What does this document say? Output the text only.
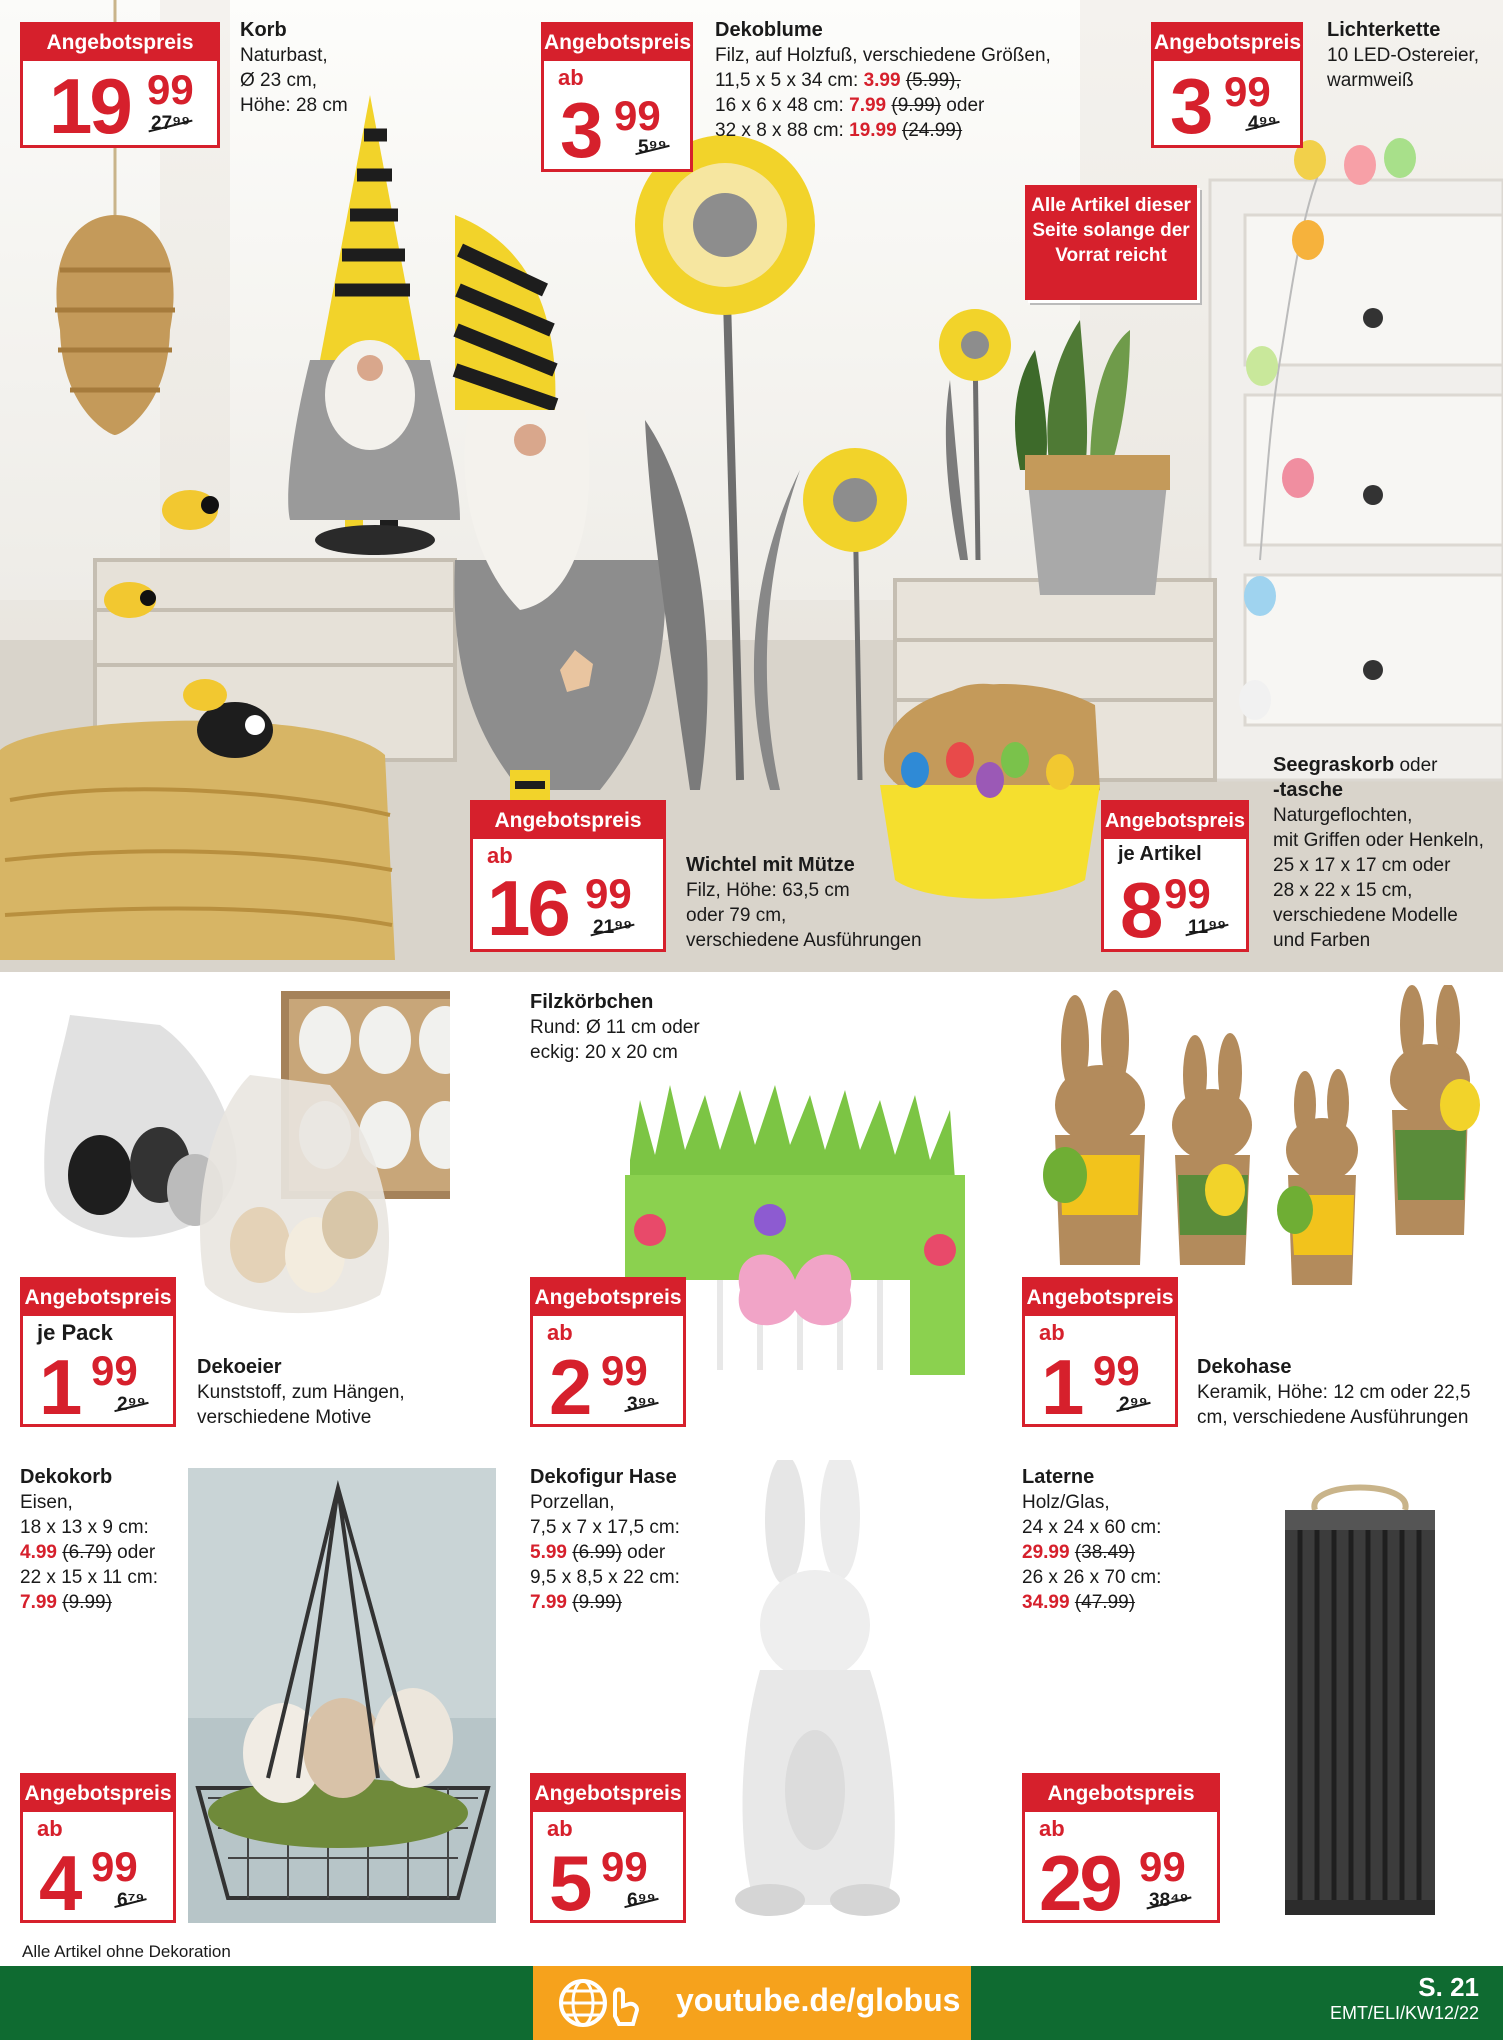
Alle Artikel dieser Seite solange der Vorrat reicht
Angebotspreis
19 99
27⁹⁹
Korb
Naturbast,
Ø 23 cm,
Höhe: 28 cm
Angebotspreis
ab
3 99
5⁹⁹
Dekoblume
Filz, auf Holzfuß, verschiedene Größen,
11,5 x 5 x 34 cm: 3.99 (5.99),
16 x 6 x 48 cm: 7.99 (9.99) oder
32 x 8 x 88 cm: 19.99 (24.99)
Angebotspreis
3 99
4⁹⁹
Lichterkette
10 LED-Ostereier,
warmweiß
Angebotspreis
ab
16 99
21⁹⁹
Wichtel mit Mütze
Filz, Höhe: 63,5 cm
oder 79 cm,
verschiedene Ausführungen
Angebotspreis
je Artikel
8 99
11⁹⁹
Seegraskorb oder
-tasche
Naturgeflochten,
mit Griffen oder Henkeln,
25 x 17 x 17 cm oder
28 x 22 x 15 cm,
verschiedene Modelle
und Farben
Angebotspreis
je Pack
1 99
2⁹⁹
Dekoeier
Kunststoff, zum Hängen,
verschiedene Motive
Filzkörbchen
Rund: Ø 11 cm oder
eckig: 20 x 20 cm
Angebotspreis
ab
2 99
3⁹⁹
Angebotspreis
ab
1 99
2⁹⁹
Dekohase
Keramik, Höhe: 12 cm oder 22,5
cm, verschiedene Ausführungen
Dekokorb
Eisen,
18 x 13 x 9 cm:
4.99 (6.79) oder
22 x 15 x 11 cm:
7.99 (9.99)
Angebotspreis
ab
4 99
6⁷⁹
Dekofigur Hase
Porzellan,
7,5 x 7 x 17,5 cm:
5.99 (6.99) oder
9,5 x 8,5 x 22 cm:
7.99 (9.99)
Angebotspreis
ab
5 99
6⁹⁹
Laterne
Holz/Glas,
24 x 24 x 60 cm:
29.99 (38.49)
26 x 26 x 70 cm:
34.99 (47.99)
Angebotspreis
ab
29 99
38⁴⁹
Alle Artikel ohne Dekoration
youtube.de/globus	S. 21
EMT/ELI/KW12/22
